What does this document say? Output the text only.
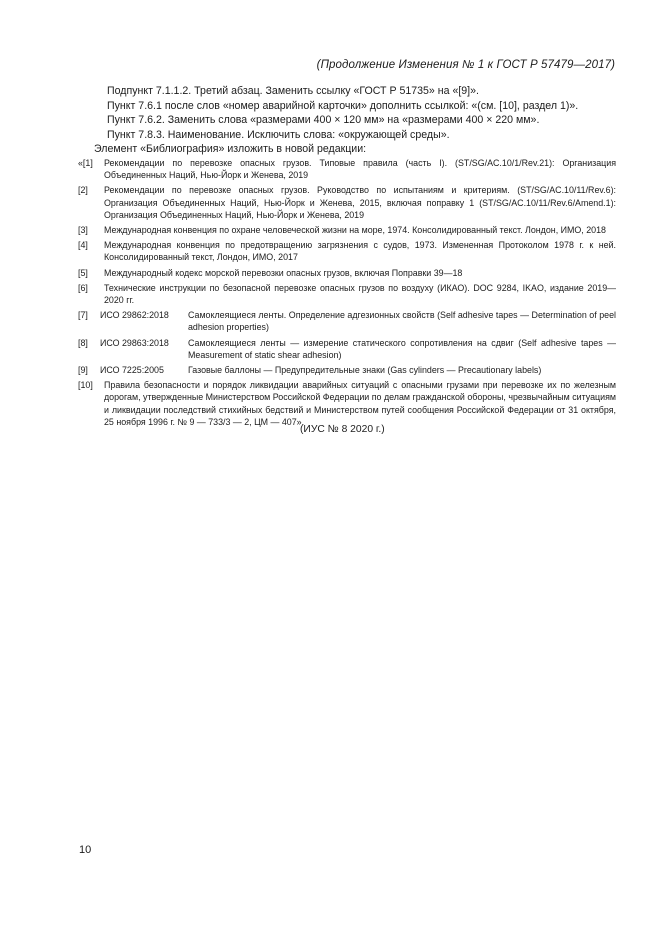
(Продолжение Изменения № 1 к ГОСТ Р 57479—2017)
Подпункт 7.1.1.2. Третий абзац. Заменить ссылку «ГОСТ Р 51735» на «[9]».
Пункт 7.6.1 после слов «номер аварийной карточки» дополнить ссылкой: «(см. [10], раздел 1)».
Пункт 7.6.2. Заменить слова «размерами 400 × 120 мм» на «размерами 400 × 220 мм».
Пункт 7.8.3. Наименование. Исключить слова: «окружающей среды».
Элемент «Библиография» изложить в новой редакции:
«[1] Рекомендации по перевозке опасных грузов. Типовые правила (часть I). (ST/SG/AC.10/1/Rev.21): Организация Объединенных Наций, Нью-Йорк и Женева, 2019
[2] Рекомендации по перевозке опасных грузов. Руководство по испытаниям и критериям. (ST/SG/AC.10/11/Rev.6): Организация Объединенных Наций, Нью-Йорк и Женева, 2015, включая поправку 1 (ST/SG/AC.10/11/Rev.6/Amend.1): Организация Объединенных Наций, Нью-Йорк и Женева, 2019
[3] Международная конвенция по охране человеческой жизни на море, 1974. Консолидированный текст. Лондон, ИМО, 2018
[4] Международная конвенция по предотвращению загрязнения с судов, 1973. Измененная Протоколом 1978 г. к ней. Консолидированный текст, Лондон, ИМО, 2017
[5] Международный кодекс морской перевозки опасных грузов, включая Поправки 39—18
[6] Технические инструкции по безопасной перевозке опасных грузов по воздуху (ИКАО). DOC 9284, IKAO, издание 2019—2020 гг.
[7]	ИСО 29862:2018	Самоклеящиеся ленты. Определение адгезионных свойств (Self adhesive tapes — Determination of peel adhesion properties)
[8]	ИСО 29863:2018	Самоклеящиеся ленты — измерение статического сопротивления на сдвиг (Self adhesive tapes — Measurement of static shear adhesion)
[9]	ИСО 7225:2005	Газовые баллоны — Предупредительные знаки (Gas cylinders — Precautionary labels)
[10] Правила безопасности и порядок ликвидации аварийных ситуаций с опасными грузами при перевозке их по железным дорогам, утвержденные Министерством Российской Федерации по делам гражданской обороны, чрезвычайным ситуациям и ликвидации последствий стихийных бедствий и Министерством путей сообщения Российской Федерации от 31 октября, 25 ноября 1996 г. № 9 — 733/3 — 2, ЦМ — 407».
(ИУС № 8 2020 г.)
10
